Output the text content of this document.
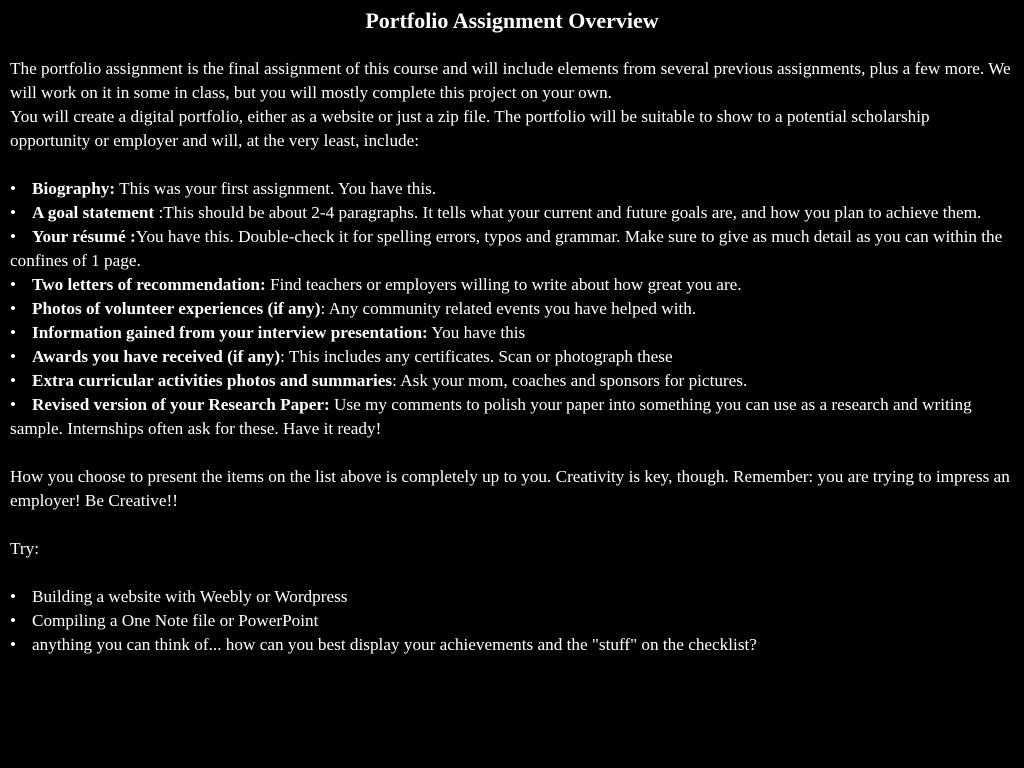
Portfolio Assignment Overview

The portfolio assignment is the final assignment of this course and will include elements from several previous assignments, plus a few more. We will work on it in some in class, but you will mostly complete this project on your own.

You will create a digital portfolio, either as a website or just a zip file. The portfolio will be suitable to show to a potential scholarship opportunity or employer and will, at the very least, include:

• Biography: This was your first assignment. You have this.
• A goal statement :This should be about 2-4 paragraphs. It tells what your current and future goals are, and how you plan to achieve them.
• Your résumé :You have this. Double-check it for spelling errors, typos and grammar. Make sure to give as much detail as you can within the confines of 1 page.
• Two letters of recommendation: Find teachers or employers willing to write about how great you are.
• Photos of volunteer experiences (if any): Any community related events you have helped with.
• Information gained from your interview presentation: You have this
• Awards you have received (if any): This includes any certificates. Scan or photograph these
• Extra curricular activities photos and summaries: Ask your mom, coaches and sponsors for pictures.
• Revised version of your Research Paper: Use my comments to polish your paper into something you can use as a research and writing sample. Internships often ask for these. Have it ready!

How you choose to present the items on the list above is completely up to you. Creativity is key, though. Remember: you are trying to impress an employer! Be Creative!!

Try:

• Building a website with Weebly or Wordpress
• Compiling a One Note file or PowerPoint
• anything you can think of... how can you best display your achievements and the "stuff" on the checklist?
